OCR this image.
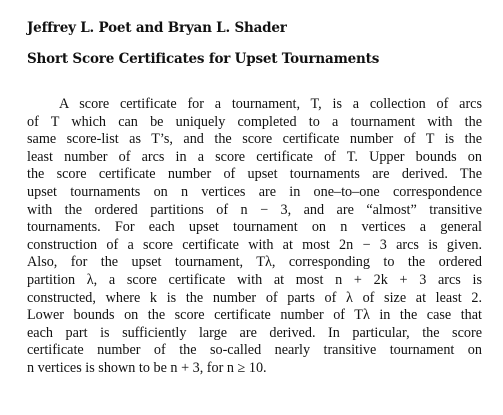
Jeffrey L. Poet and Bryan L. Shader
Short Score Certificates for Upset Tournaments
A score certificate for a tournament, T, is a collection of arcs
of T which can be uniquely completed to a tournament with the
same score-list as T’s, and the score certificate number of T is the
least number of arcs in a score certificate of T. Upper bounds on
the score certificate number of upset tournaments are derived. The
upset tournaments on n vertices are in one–to–one correspondence
with the ordered partitions of n − 3, and are “almost” transitive
tournaments. For each upset tournament on n vertices a general
construction of a score certificate with at most 2n − 3 arcs is given.
Also, for the upset tournament, Tλ, corresponding to the ordered
partition λ, a score certificate with at most n + 2k + 3 arcs is
constructed, where k is the number of parts of λ of size at least 2.
Lower bounds on the score certificate number of Tλ in the case that
each part is sufficiently large are derived. In particular, the score
certificate number of the so-called nearly transitive tournament on
n vertices is shown to be n + 3, for n ≥ 10.
